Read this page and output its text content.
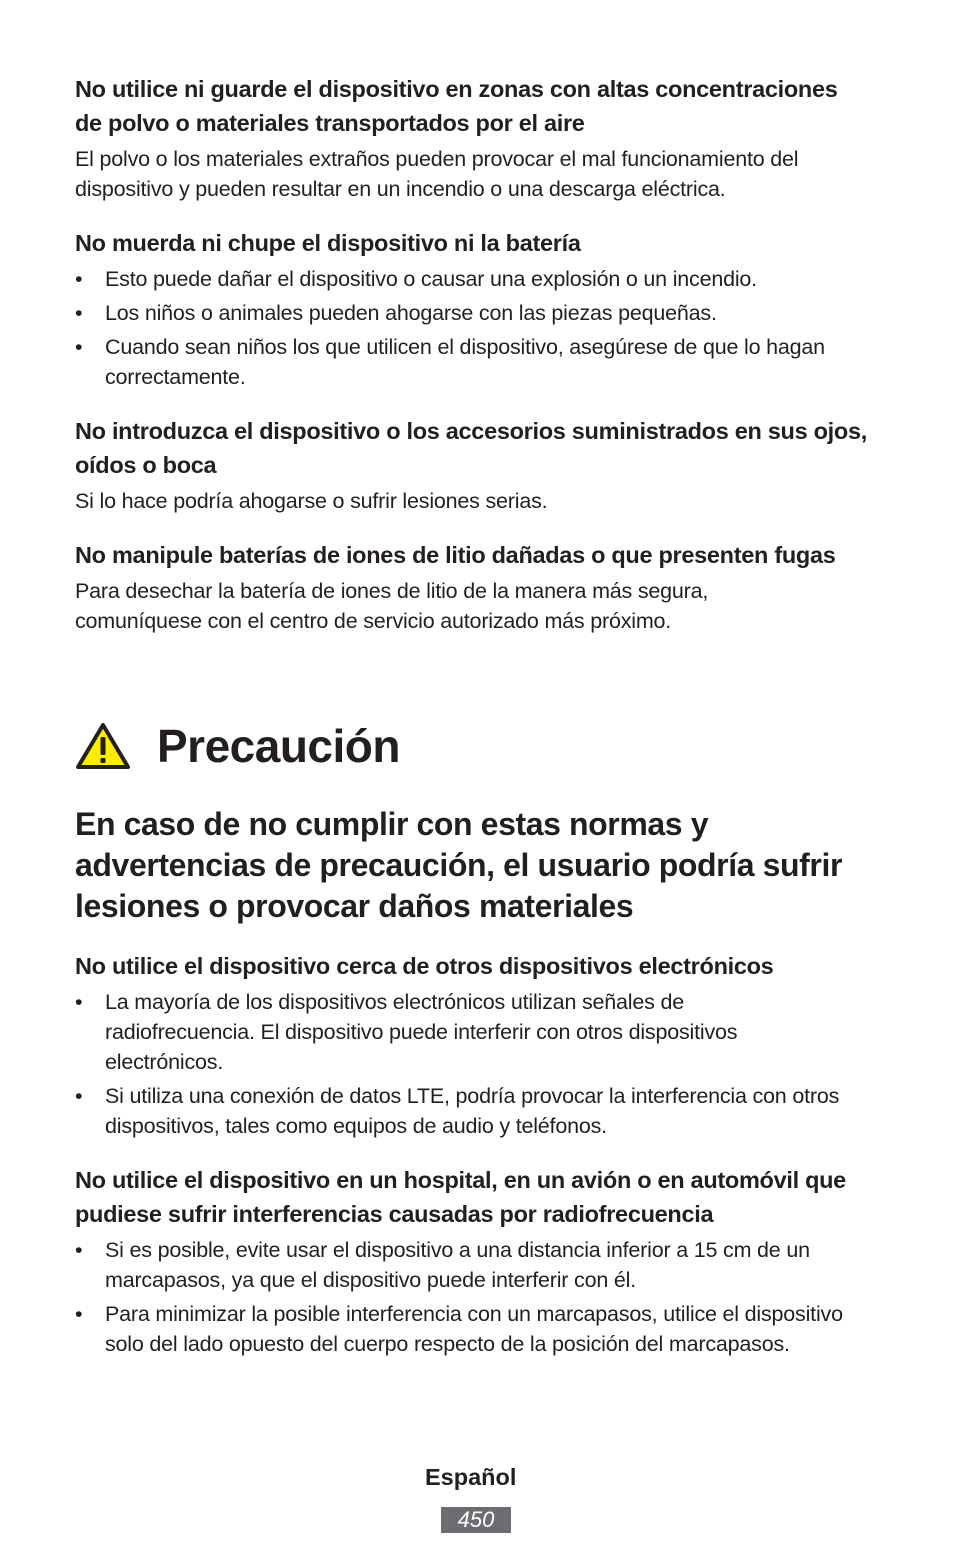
No utilice ni guarde el dispositivo en zonas con altas concentraciones de polvo o materiales transportados por el aire

El polvo o los materiales extraños pueden provocar el mal funcionamiento del dispositivo y pueden resultar en un incendio o una descarga eléctrica.

No muerda ni chupe el dispositivo ni la batería
• Esto puede dañar el dispositivo o causar una explosión o un incendio.
• Los niños o animales pueden ahogarse con las piezas pequeñas.
• Cuando sean niños los que utilicen el dispositivo, asegúrese de que lo hagan correctamente.
No introduzca el dispositivo o los accesorios suministrados en sus ojos, oídos o boca

Si lo hace podría ahogarse o sufrir lesiones serias.

No manipule baterías de iones de litio dañadas o que presenten fugas

Para desechar la batería de iones de litio de la manera más segura, comuníquese con el centro de servicio autorizado más próximo.

Precaución

En caso de no cumplir con estas normas y advertencias de precaución, el usuario podría sufrir lesiones o provocar daños materiales

No utilice el dispositivo cerca de otros dispositivos electrónicos
• La mayoría de los dispositivos electrónicos utilizan señales de radiofrecuencia. El dispositivo puede interferir con otros dispositivos electrónicos.
• Si utiliza una conexión de datos LTE, podría provocar la interferencia con otros dispositivos, tales como equipos de audio y teléfonos.
No utilice el dispositivo en un hospital, en un avión o en automóvil que pudiese sufrir interferencias causadas por radiofrecuencia
• Si es posible, evite usar el dispositivo a una distancia inferior a 15 cm de un marcapasos, ya que el dispositivo puede interferir con él.
• Para minimizar la posible interferencia con un marcapasos, utilice el dispositivo solo del lado opuesto del cuerpo respecto de la posición del marcapasos.
Español
450
